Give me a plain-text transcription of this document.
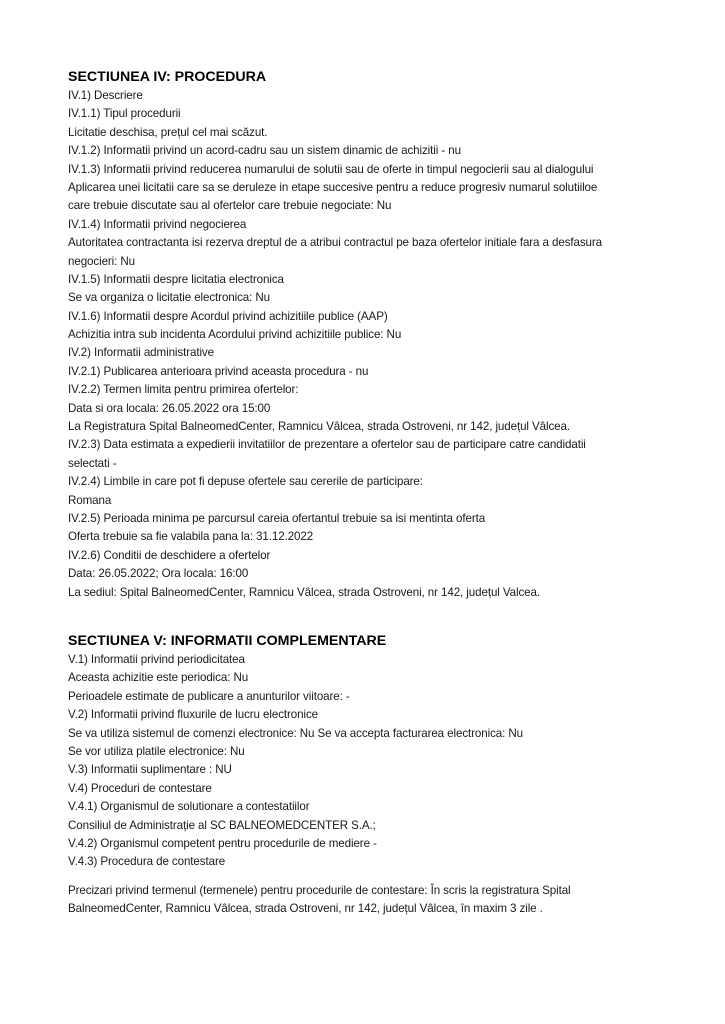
SECTIUNEA IV: PROCEDURA
IV.1) Descriere
IV.1.1) Tipul procedurii
Licitatie deschisa, prețul cel mai scăzut.
IV.1.2) Informatii privind un acord-cadru sau un sistem dinamic de achizitii - nu
IV.1.3) Informatii privind reducerea numarului de solutii sau de oferte in timpul negocierii sau al dialogului
Aplicarea unei licitatii care sa se deruleze in etape succesive pentru a reduce progresiv numarul solutiiloe
care trebuie discutate sau al ofertelor care trebuie negociate: Nu
IV.1.4) Informatii privind negocierea
Autoritatea contractanta isi rezerva dreptul de a atribui contractul pe baza ofertelor initiale fara a desfasura
negocieri: Nu
IV.1.5) Informatii despre licitatia electronica
Se va organiza o licitatie electronica: Nu
IV.1.6) Informatii despre Acordul privind achizitiile publice (AAP)
Achizitia intra sub incidenta Acordului privind achizitiile publice: Nu
IV.2) Informatii administrative
IV.2.1) Publicarea anterioara privind aceasta procedura - nu
IV.2.2) Termen limita pentru primirea ofertelor:
Data si ora locala: 26.05.2022 ora 15:00
La Registratura Spital BalneomedCenter, Ramnicu Vâlcea, strada Ostroveni, nr 142, județul Vâlcea.
IV.2.3) Data estimata a expedierii invitatiilor de prezentare a ofertelor sau de participare catre candidatii
selectati -
IV.2.4) Limbile in care pot fi depuse ofertele sau cererile de participare:
Romana
IV.2.5) Perioada minima pe parcursul careia ofertantul trebuie sa isi mentinta oferta
Oferta trebuie sa fie valabila pana la: 31.12.2022
IV.2.6) Conditii de deschidere a ofertelor
Data: 26.05.2022; Ora locala: 16:00
La sediul: Spital BalneomedCenter, Ramnicu Vâlcea, strada Ostroveni, nr 142, județul Valcea.
SECTIUNEA V: INFORMATII COMPLEMENTARE
V.1) Informatii privind periodicitatea
Aceasta achizitie este periodica: Nu
Perioadele estimate de publicare a anunturilor viitoare: -
V.2) Informatii privind fluxurile de lucru electronice
Se va utiliza sistemul de comenzi electronice: Nu Se va accepta facturarea electronica: Nu
Se vor utiliza platile electronice: Nu
V.3) Informatii suplimentare : NU
V.4) Proceduri de contestare
V.4.1) Organismul de solutionare a contestatiilor
Consiliul de Administrație al SC BALNEOMEDCENTER S.A.;
V.4.2) Organismul competent pentru procedurile de mediere -
V.4.3) Procedura de contestare
Precizari privind termenul (termenele) pentru procedurile de contestare: În scris la registratura Spital BalneomedCenter, Ramnicu Vâlcea, strada Ostroveni, nr 142, județul Vâlcea, în maxim 3 zile .
